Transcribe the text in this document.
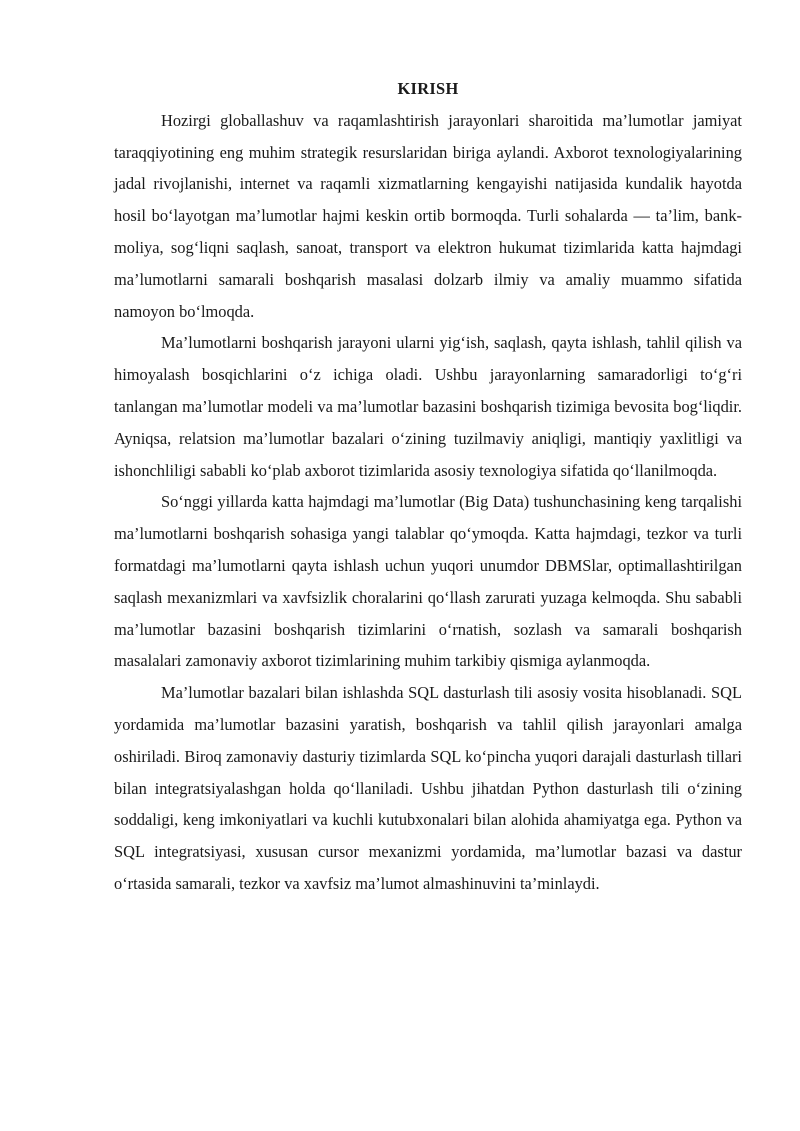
KIRISH

Hozirgi globallashuv va raqamlashtirish jarayonlari sharoitida ma’lumotlar jamiyat taraqqiyotining eng muhim strategik resurslaridan biriga aylandi. Axborot texnologiyalarining jadal rivojlanishi, internet va raqamli xizmatlarning kengayishi natijasida kundalik hayotda hosil bo‘layotgan ma’lumotlar hajmi keskin ortib bormoqda. Turli sohalarda — ta’lim, bank-moliya, sog‘liqni saqlash, sanoat, transport va elektron hukumat tizimlarida katta hajmdagi ma’lumotlarni samarali boshqarish masalasi dolzarb ilmiy va amaliy muammo sifatida namoyon bo‘lmoqda.

Ma’lumotlarni boshqarish jarayoni ularni yig‘ish, saqlash, qayta ishlash, tahlil qilish va himoyalash bosqichlarini o‘z ichiga oladi. Ushbu jarayonlarning samaradorligi to‘g‘ri tanlangan ma’lumotlar modeli va ma’lumotlar bazasini boshqarish tizimiga bevosita bog‘liqdir. Ayniqsa, relatsion ma’lumotlar bazalari o‘zining tuzilmaviy aniqligi, mantiqiy yaxlitligi va ishonchliligi sababli ko‘plab axborot tizimlarida asosiy texnologiya sifatida qo‘llanilmoqda.

So‘nggi yillarda katta hajmdagi ma’lumotlar (Big Data) tushunchasining keng tarqalishi ma’lumotlarni boshqarish sohasiga yangi talablar qo‘ymoqda. Katta hajmdagi, tezkor va turli formatdagi ma’lumotlarni qayta ishlash uchun yuqori unumdor DBMSlar, optimallashtirilgan saqlash mexanizmlari va xavfsizlik choralarini qo‘llash zarurati yuzaga kelmoqda. Shu sababli ma’lumotlar bazasini boshqarish tizimlarini o‘rnatish, sozlash va samarali boshqarish masalalari zamonaviy axborot tizimlarining muhim tarkibiy qismiga aylanmoqda.

Ma’lumotlar bazalari bilan ishlashda SQL dasturlash tili asosiy vosita hisoblanadi. SQL yordamida ma’lumotlar bazasini yaratish, boshqarish va tahlil qilish jarayonlari amalga oshiriladi. Biroq zamonaviy dasturiy tizimlarda SQL ko‘pincha yuqori darajali dasturlash tillari bilan integratsiyalashgan holda qo‘llaniladi. Ushbu jihatdan Python dasturlash tili o‘zining soddaligi, keng imkoniyatlari va kuchli kutubxonalari bilan alohida ahamiyatga ega. Python va SQL integratsiyasi, xususan cursor mexanizmi yordamida, ma’lumotlar bazasi va dastur o‘rtasida samarali, tezkor va xavfsiz ma’lumot almashinuvini ta’minlaydi.
